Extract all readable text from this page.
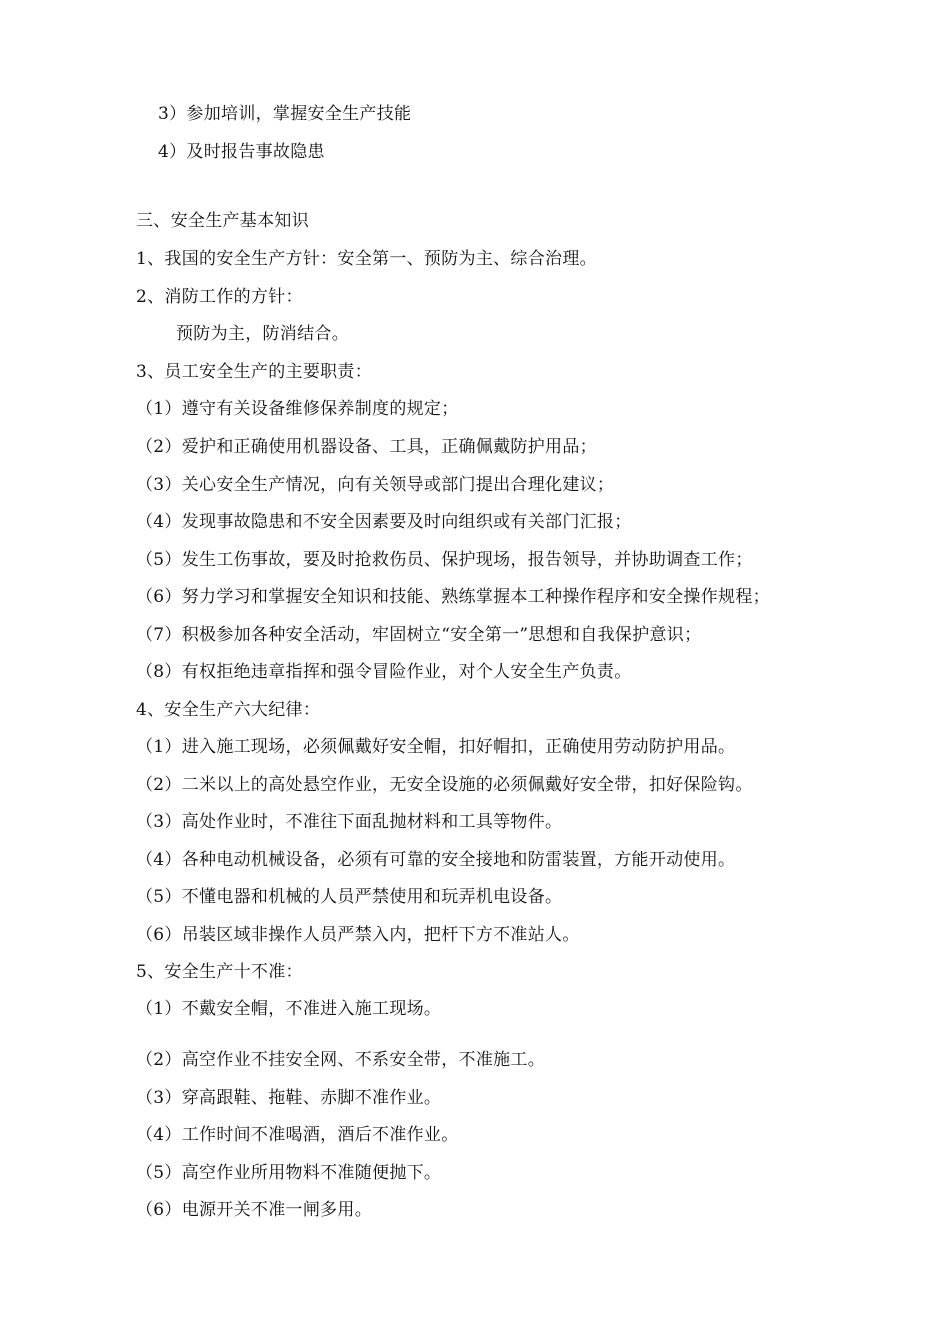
3）参加培训，掌握安全生产技能
4）及时报告事故隐患
三、安全生产基本知识
1、我国的安全生产方针：安全第一、预防为主、综合治理。
2、消防工作的方针：
预防为主，防消结合。
3、员工安全生产的主要职责：
（1）遵守有关设备维修保养制度的规定；
（2）爱护和正确使用机器设备、工具，正确佩戴防护用品；
（3）关心安全生产情况，向有关领导或部门提出合理化建议；
（4）发现事故隐患和不安全因素要及时向组织或有关部门汇报；
（5）发生工伤事故，要及时抢救伤员、保护现场，报告领导，并协助调查工作；
（6）努力学习和掌握安全知识和技能、熟练掌握本工种操作程序和安全操作规程；
（7）积极参加各种安全活动，牢固树立“安全第一”思想和自我保护意识；
（8）有权拒绝违章指挥和强令冒险作业，对个人安全生产负责。
4、安全生产六大纪律：
（1）进入施工现场，必须佩戴好安全帽，扣好帽扣，正确使用劳动防护用品。
（2）二米以上的高处悬空作业，无安全设施的必须佩戴好安全带，扣好保险钩。
（3）高处作业时，不准往下面乱抛材料和工具等物件。
（4）各种电动机械设备，必须有可靠的安全接地和防雷装置，方能开动使用。
（5）不懂电器和机械的人员严禁使用和玩弄机电设备。
（6）吊装区域非操作人员严禁入内，把杆下方不准站人。
5、安全生产十不准：
（1）不戴安全帽，不准进入施工现场。
（2）高空作业不挂安全网、不系安全带，不准施工。
（3）穿高跟鞋、拖鞋、赤脚不准作业。
（4）工作时间不准喝酒，酒后不准作业。
（5）高空作业所用物料不准随便抛下。
（6）电源开关不准一闸多用。
